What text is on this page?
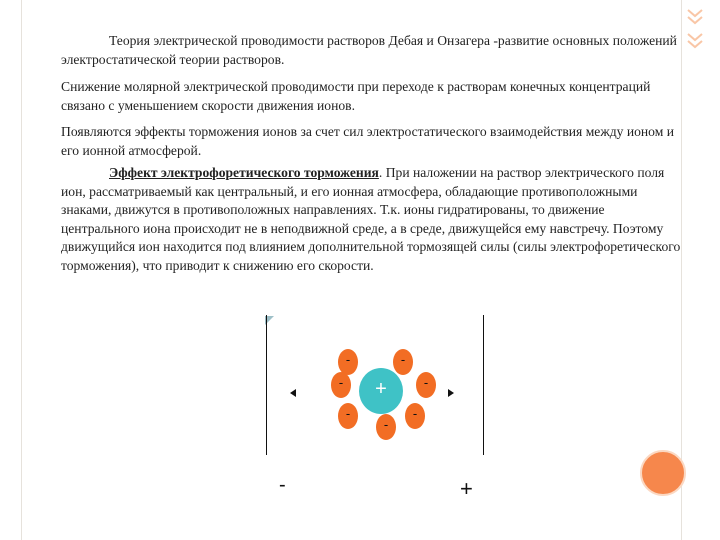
Теория электрической проводимости растворов Дебая и Онзагера -развитие основных положений электростатической теории растворов.

Снижение молярной электрической проводимости при переходе к растворам конечных концентраций связано с уменьшением скорости движения ионов.

Появляются эффекты торможения ионов за счет сил электростатического взаимодействия между ионом и его ионной атмосферой.

Эффект электрофоретического торможения. При наложении на раствор электрического поля ион, рассматриваемый как центральный, и его ионная атмосфера, обладающие противоположными знаками, движутся в противоположных направлениях. Т.к. ионы гидратированы, то движение центрального иона происходит не в неподвижной среде, а в среде, движущейся ему навстречу. Поэтому движущийся ион находится под влиянием дополнительной тормозящей силы (силы электрофоретического торможения), что приводит к снижению его скорости.

-	-
-	-
-	-
-
+
-	+
